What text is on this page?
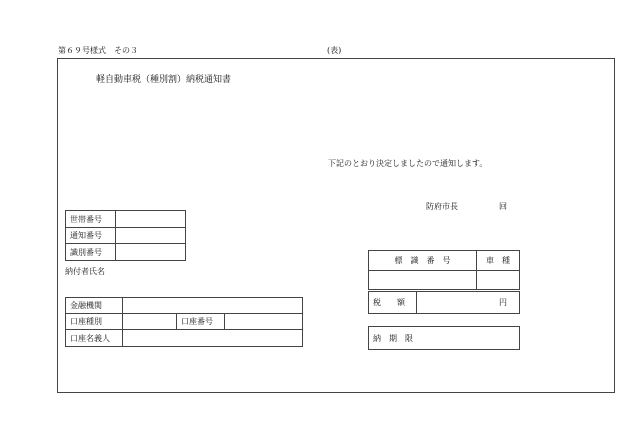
第６９号様式　その３	(表)
軽自動車税（種別割）納税通知書
下記のとおり決定しましたので通知します。
防府市長	回
世帯番号	
通知番号	
識別番号	
納付者氏名
金融機関			
口座種別		口座番号	
口座名義人			
標　識　番　号	車　種

税　　額	円
納　期　限
